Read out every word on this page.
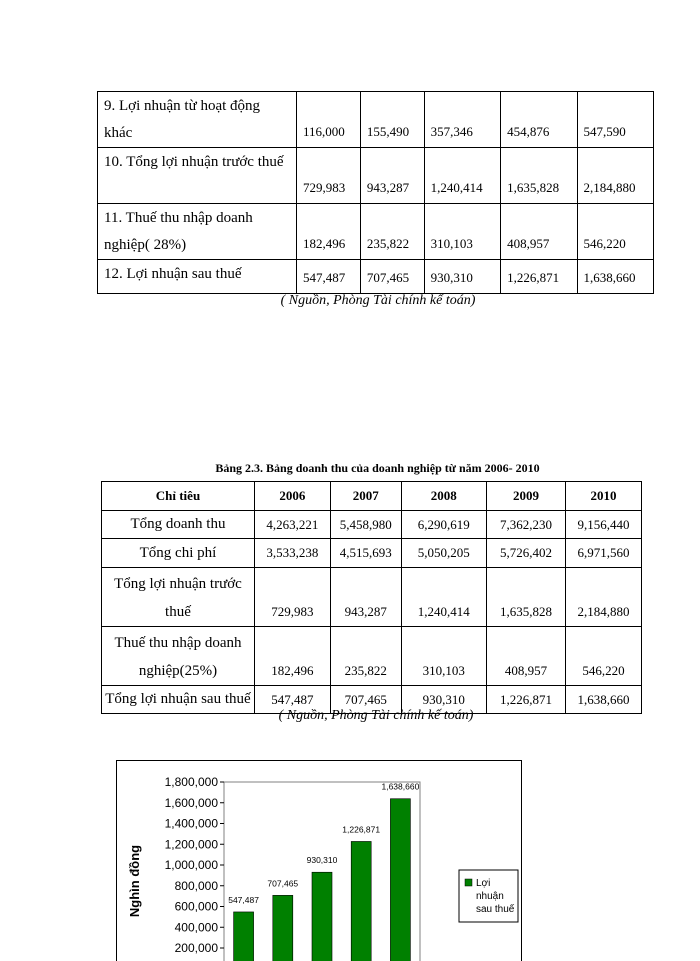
9. Lợi nhuận từ hoạt động khác	116,000	155,490	357,346	454,876	547,590
10. Tổng lợi nhuận trước thuế	729,983	943,287	1,240,414	1,635,828	2,184,880
11. Thuế thu nhập doanh nghiệp( 28%)	182,496	235,822	310,103	408,957	546,220
12. Lợi nhuận sau thuế	547,487	707,465	930,310	1,226,871	1,638,660
( Nguồn, Phòng Tài chính kế toán)
Bảng 2.3. Bảng doanh thu của doanh nghiệp từ năm 2006- 2010
Chỉ tiêu	2006	2007	2008	2009	2010
Tổng doanh thu	4,263,221	5,458,980	6,290,619	7,362,230	9,156,440
Tổng chi phí	3,533,238	4,515,693	5,050,205	5,726,402	6,971,560
Tổng lợi nhuận trước thuế	729,983	943,287	1,240,414	1,635,828	2,184,880
Thuế thu nhập doanh nghiệp(25%)	182,496	235,822	310,103	408,957	546,220
Tổng lợi nhuận sau thuế	547,487	707,465	930,310	1,226,871	1,638,660
( Nguồn, Phòng Tài chính kế toán)
Nghìn đồng
1,800,000
1,600,000
1,400,000
1,200,000
1,000,000
800,000
600,000
400,000
200,000
547,487
707,465
930,310
1,226,871
1,638,660
Lợi
nhuận
sau thuế
